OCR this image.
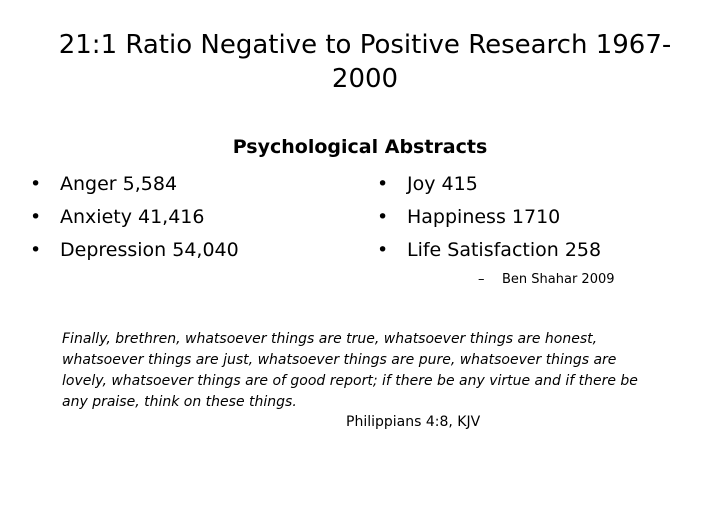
21:1 Ratio Negative to Positive Research 1967-2000
Psychological Abstracts
• Anger 5,584
• Anxiety 41,416
• Depression 54,040
• Joy 415
• Happiness 1710
• Life Satisfaction 258
– Ben Shahar 2009
Finally, brethren, whatsoever things are true, whatsoever things are honest, whatsoever things are just, whatsoever things are pure, whatsoever things are lovely, whatsoever things are of good report; if there be any virtue and if there be any praise, think on these things.
Philippians 4:8, KJV
